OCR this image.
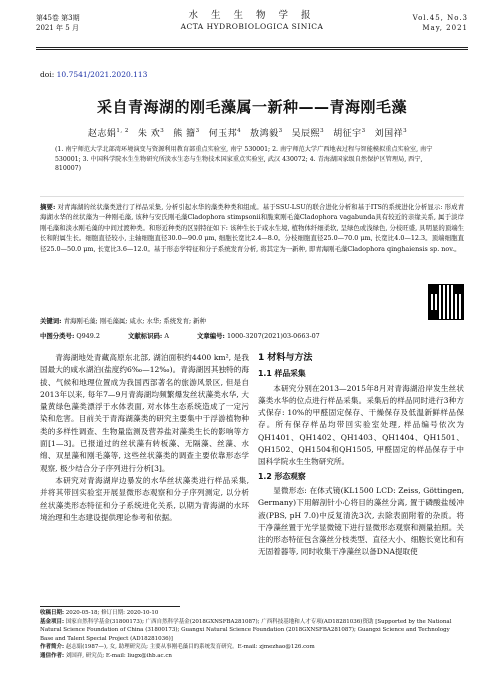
第45卷 第3期
2021 年 5 月
水 生 生 物 学 报
ACTA HYDROBIOLOGICA SINICA
Vol.45, No.3
May, 2021
doi: 10.7541/2021.2020.113
采自青海湖的刚毛藻属一新种——青海刚毛藻
赵志娟$^{1, 2}$ 朱 欢$^3$ 熊 籀$^3$ 何玉邦$^4$ 敖鸿毅$^3$ 吴辰熙$^3$ 胡征宇$^3$ 刘国祥$^3$
(1. 南宁师范大学北部湾环境演变与资源利用教育部重点实验室, 南宁 530001; 2. 南宁师范大学广西地表过程与智能模拟重点实验室, 南宁 530001; 3. 中国科学院水生生物研究所淡水生态与生物技术国家重点实验室, 武汉 430072; 4. 青海湖国家级自然保护区管理局, 西宁, 810007)
摘要: 对青海湖的丝状藻类进行了样品采集, 分析引起水华的藻类种类和组成。基于SSU-LSU的联合进化分析和基于ITS的系统进化分析显示: 形成青海湖水华的丝状藻为一种刚毛藻, 该种与安氏刚毛藻Cladophora stimpsonii和脆束刚毛藻Cladophora vagabunda具有较近的亲缘关系, 属于淡岸刚毛藻和淡水刚毛藻的中间过渡种类。和形近种类的区别特征如下: 该种生长于咸水生境, 植物体纤细柔软, 呈绿色或浅绿色, 分枝旺盛, 具明显的顶端生长和附属生长。细胞直径较小, 主轴细胞直径30.0—90.0 μm, 细胞长宽比2.4—8.0。分枝细胞直径25.0—70.0 μm, 长宽比4.0—12.3。顶端细胞直径25.0—50.0 μm, 长宽比3.6—12.0。基于形态学特征和分子系统发育分析, 将其定为一新种, 即青海刚毛藻Cladophora qinghaiensis sp. nov.。
关键词: 青海刚毛藻; 刚毛藻属; 咸水; 水华; 系统发育; 新种
中图分类号: Q949.2	文献标识码: A	文章编号: 1000-3207(2021)03-0663-07

青海湖地处青藏高原东北部, 湖泊面积约4400 km², 是我国最大的咸水湖泊(盐度约6‰—12‰)。青海湖因其独特的海拔、气候和地理位置成为我国西部著名的旅游风景区, 但是自2013年以来, 每年7—9月青海湖均频繁爆发丝状藻类水华, 大量黄绿色藻类漂浮于水体表面, 对水体生态系统造成了一定污染和危害。目前关于青海湖藻类的研究主要集中于浮游植物种类的多样性调查、生物量监测及营养盐对藻类生长的影响等方面[1—3]。已报道过的丝状藻有转板藻、无隔藻、丝藻、水绵、双星藻和刚毛藻等, 这些丝状藻类的调查主要依靠形态学观察, 极少结合分子序列进行分析[3]。

本研究对青海湖岸边暴发的水华丝状藻类进行样品采集, 并将其带回实验室开展显微形态观察和分子序列测定, 以分析丝状藻类形态特征和分子系统进化关系, 以期为青海湖的水环境治理和生态建设提供理论参考和依据。

1 材料与方法
1.1 样品采集

本研究分别在2013—2015年8月对青海湖沿岸发生丝状藻类水华的位点进行样品采集。采集后的样品同时进行3种方式保存: 10%的甲醛固定保存、干燥保存及低温新鲜样品保存。所有保存样品均带回实验室处理, 样品编号依次为QH1401、QH1402、QH1403、QH1404、QH1501、QH1502、QH1504和QH1505, 甲醛固定的样品保存于中国科学院水生生物研究所。

1.2 形态观察

显微形态: 在体式镜(KL1500 LCD: Zeiss, Göttingen, Germany)下用解剖针小心将目的藻丝分离, 置于磷酸盐缓冲液(PBS, pH 7.0)中反复清洗3次, 去除表面附着的杂质。将干净藻丝置于光学显微镜下进行显微形态观察和测量拍照。关注的形态特征包含藻丝分枝类型、直径大小、细胞长宽比和有无固着器等, 同时收集干净藻丝以备DNA提取使

收稿日期: 2020-05-18; 修订日期: 2020-10-10

基金项目: 国家自然科学基金(31800173); 广西自然科学基金(2018GXNSFBA281087); 广西科技基地和人才专项(AD18281036)资助 [Supported by the National Natural Science Foundation of China (31800173); Guangxi Natural Science Foundation (2018GXNSFBA281087); Guangxi Science and Technology Base and Talent Special Project (AD18281036)]

作者简介: 赵志娟(1987—), 女, 助理研究员; 主要从事刚毛藻目的系统发育研究。E-mail: zjmezhao@126.com

通信作者: 刘国祥, 研究员; E-mail: liugx@ihb.ac.cn
